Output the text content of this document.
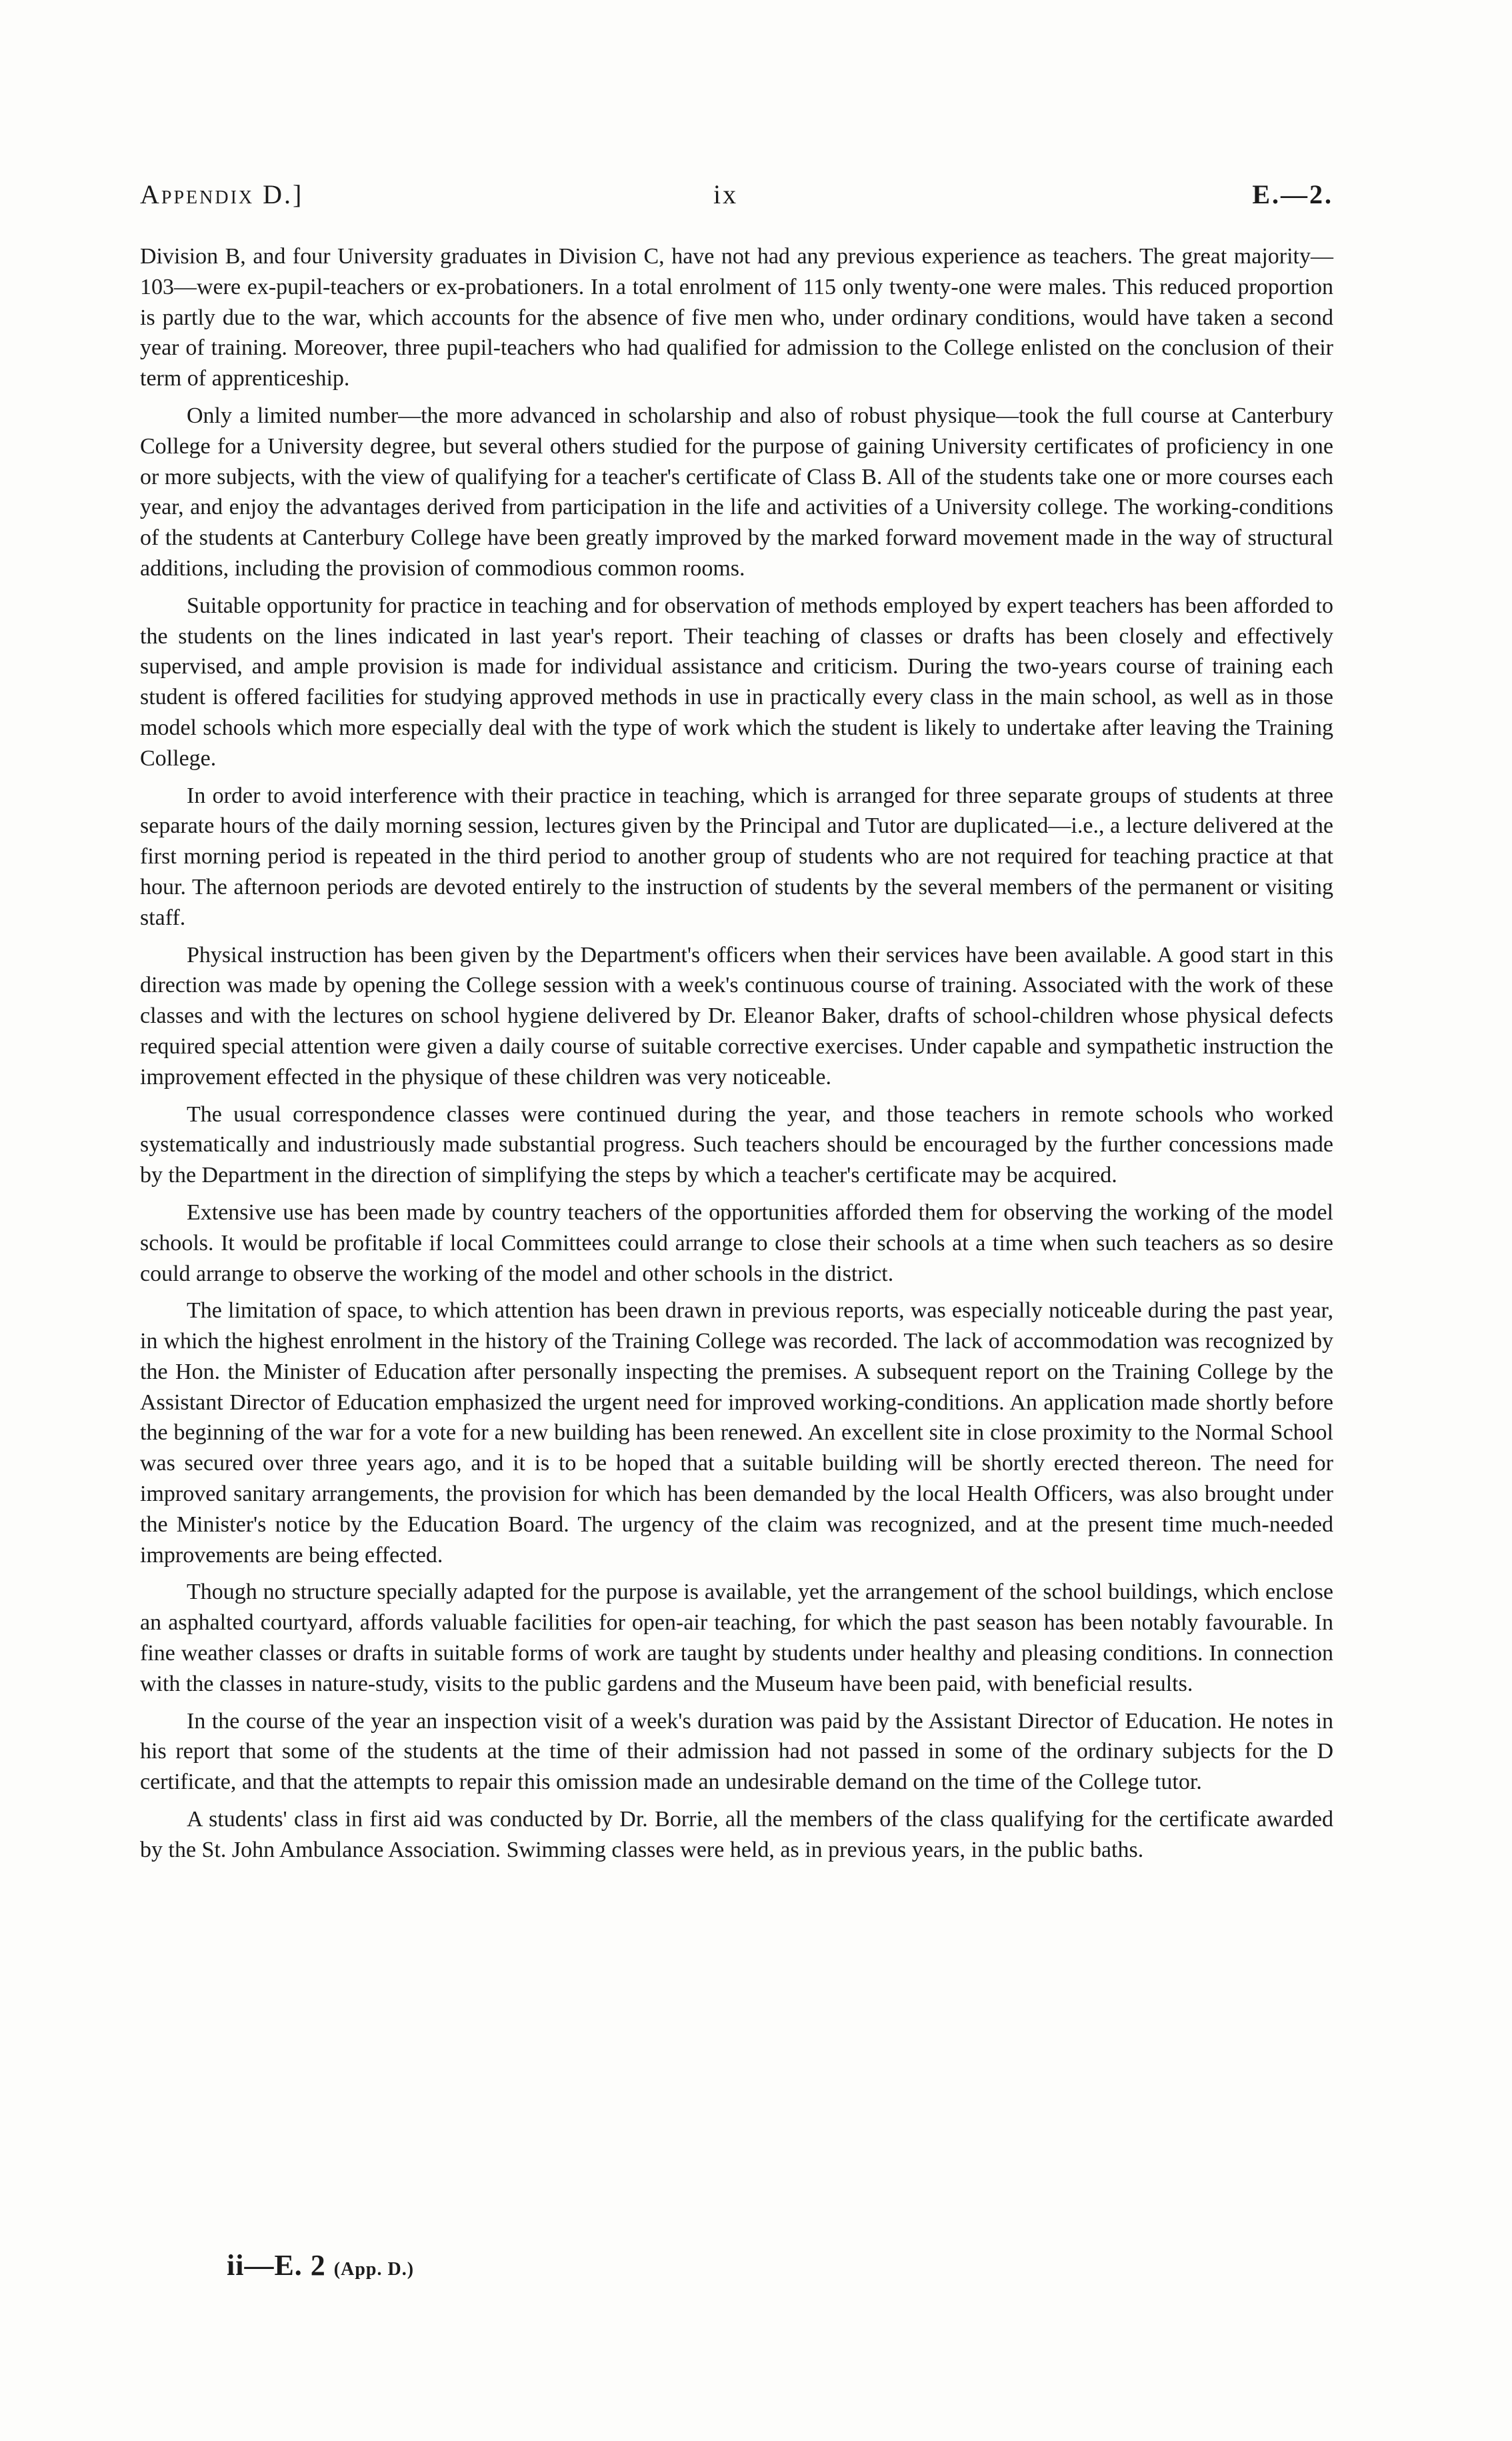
Appendix D.]	ix	E.—2.

Division B, and four University graduates in Division C, have not had any previous experience as teachers. The great majority—103—were ex-pupil-teachers or ex-probationers. In a total enrolment of 115 only twenty-one were males. This reduced proportion is partly due to the war, which accounts for the absence of five men who, under ordinary conditions, would have taken a second year of training. Moreover, three pupil-teachers who had qualified for admission to the College enlisted on the conclusion of their term of apprenticeship.

Only a limited number—the more advanced in scholarship and also of robust physique—took the full course at Canterbury College for a University degree, but several others studied for the purpose of gaining University certificates of proficiency in one or more subjects, with the view of qualifying for a teacher's certificate of Class B. All of the students take one or more courses each year, and enjoy the advantages derived from participation in the life and activities of a University college. The working-conditions of the students at Canterbury College have been greatly improved by the marked forward movement made in the way of structural additions, including the provision of commodious common rooms.

Suitable opportunity for practice in teaching and for observation of methods employed by expert teachers has been afforded to the students on the lines indicated in last year's report. Their teaching of classes or drafts has been closely and effectively supervised, and ample provision is made for individual assistance and criticism. During the two-years course of training each student is offered facilities for studying approved methods in use in practically every class in the main school, as well as in those model schools which more especially deal with the type of work which the student is likely to undertake after leaving the Training College.

In order to avoid interference with their practice in teaching, which is arranged for three separate groups of students at three separate hours of the daily morning session, lectures given by the Principal and Tutor are duplicated—i.e., a lecture delivered at the first morning period is repeated in the third period to another group of students who are not required for teaching practice at that hour. The afternoon periods are devoted entirely to the instruction of students by the several members of the permanent or visiting staff.

Physical instruction has been given by the Department's officers when their services have been available. A good start in this direction was made by opening the College session with a week's continuous course of training. Associated with the work of these classes and with the lectures on school hygiene delivered by Dr. Eleanor Baker, drafts of school-children whose physical defects required special attention were given a daily course of suitable corrective exercises. Under capable and sympathetic instruction the improvement effected in the physique of these children was very noticeable.

The usual correspondence classes were continued during the year, and those teachers in remote schools who worked systematically and industriously made substantial progress. Such teachers should be encouraged by the further concessions made by the Department in the direction of simplifying the steps by which a teacher's certificate may be acquired.

Extensive use has been made by country teachers of the opportunities afforded them for observing the working of the model schools. It would be profitable if local Committees could arrange to close their schools at a time when such teachers as so desire could arrange to observe the working of the model and other schools in the district.

The limitation of space, to which attention has been drawn in previous reports, was especially noticeable during the past year, in which the highest enrolment in the history of the Training College was recorded. The lack of accommodation was recognized by the Hon. the Minister of Education after personally inspecting the premises. A subsequent report on the Training College by the Assistant Director of Education emphasized the urgent need for improved working-conditions. An application made shortly before the beginning of the war for a vote for a new building has been renewed. An excellent site in close proximity to the Normal School was secured over three years ago, and it is to be hoped that a suitable building will be shortly erected thereon. The need for improved sanitary arrangements, the provision for which has been demanded by the local Health Officers, was also brought under the Minister's notice by the Education Board. The urgency of the claim was recognized, and at the present time much-needed improvements are being effected.

Though no structure specially adapted for the purpose is available, yet the arrangement of the school buildings, which enclose an asphalted courtyard, affords valuable facilities for open-air teaching, for which the past season has been notably favourable. In fine weather classes or drafts in suitable forms of work are taught by students under healthy and pleasing conditions. In connection with the classes in nature-study, visits to the public gardens and the Museum have been paid, with beneficial results.

In the course of the year an inspection visit of a week's duration was paid by the Assistant Director of Education. He notes in his report that some of the students at the time of their admission had not passed in some of the ordinary subjects for the D certificate, and that the attempts to repair this omission made an undesirable demand on the time of the College tutor.

A students' class in first aid was conducted by Dr. Borrie, all the members of the class qualifying for the certificate awarded by the St. John Ambulance Association. Swimming classes were held, as in previous years, in the public baths.

ii—E. 2 (App. D.)
